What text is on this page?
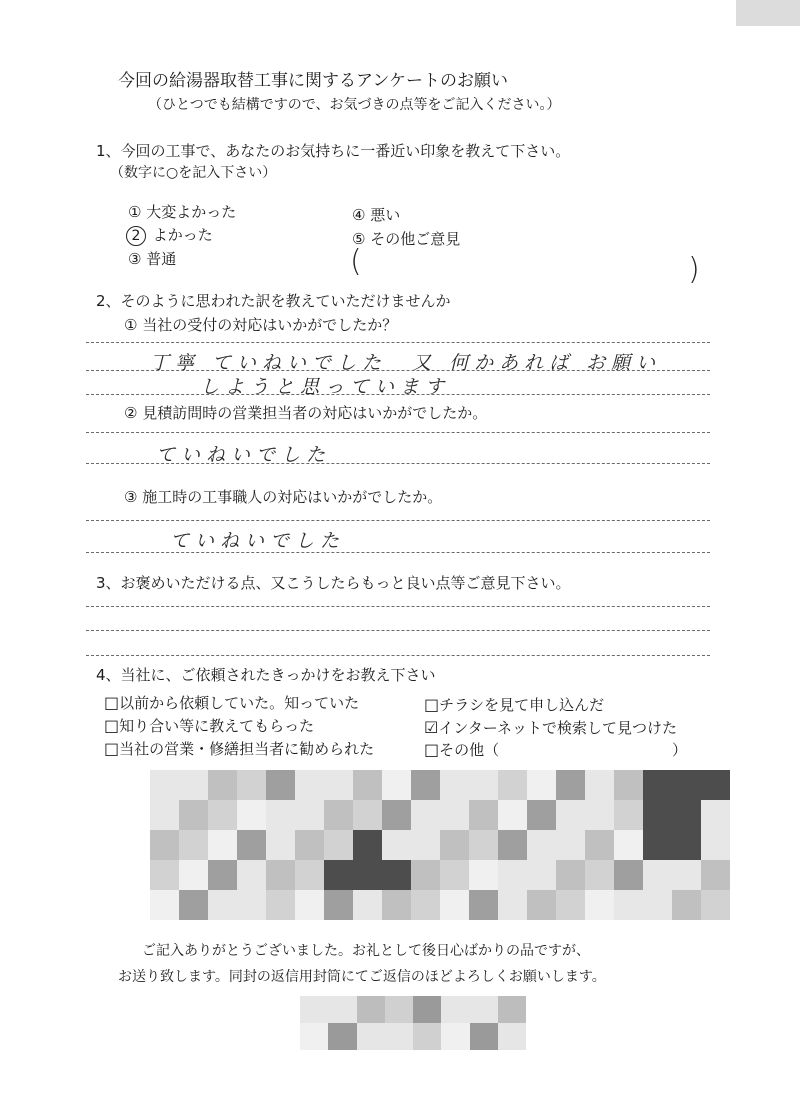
今回の給湯器取替工事に関するアンケートのお願い
（ひとつでも結構ですので、お気づきの点等をご記入ください。）
1、今回の工事で、あなたのお気持ちに一番近い印象を教えて下さい。
（数字に○を記入下さい）
① 大変よかった
2 よかった
③ 普通
④ 悪い
⑤ その他ご意見
(	)
2、そのように思われた訳を教えていただけませんか
① 当社の受付の対応はいかがでしたか？
丁寧 ていねいでした　又 何かあれば お願い
しようと思っています
② 見積訪問時の営業担当者の対応はいかがでしたか。
ていねいでした
③ 施工時の工事職人の対応はいかがでしたか。
ていねいでした
3、お褒めいただける点、又こうしたらもっと良い点等ご意見下さい。
4、当社に、ご依頼されたきっかけをお教え下さい
□以前から依頼していた。知っていた
□知り合い等に教えてもらった
□当社の営業・修繕担当者に勧められた
□チラシを見て申し込んだ
☑インターネットで検索して見つけた
□その他（	）
ご記入ありがとうございました。お礼として後日心ばかりの品ですが、
お送り致します。同封の返信用封筒にてご返信のほどよろしくお願いします。
